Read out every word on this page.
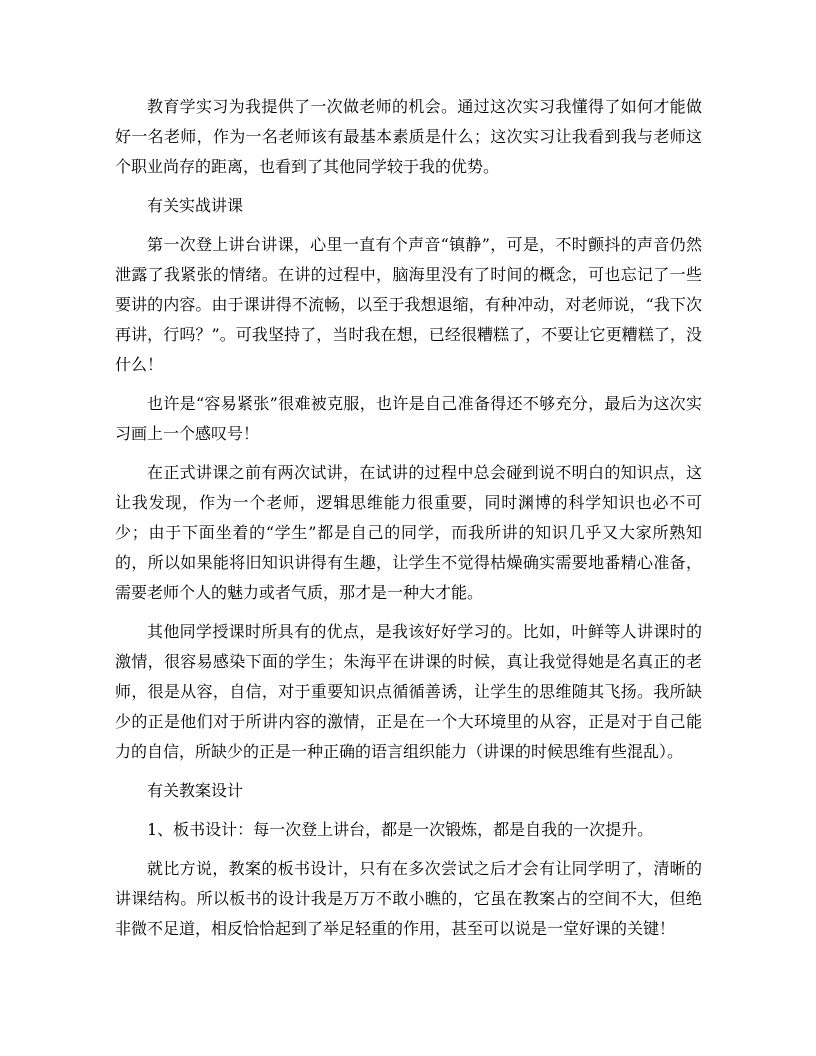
教育学实习为我提供了一次做老师的机会。通过这次实习我懂得了如何才能做好一名老师，作为一名老师该有最基本素质是什么；这次实习让我看到我与老师这个职业尚存的距离，也看到了其他同学较于我的优势。

有关实战讲课

第一次登上讲台讲课，心里一直有个声音“镇静”，可是，不时颤抖的声音仍然泄露了我紧张的情绪。在讲的过程中，脑海里没有了时间的概念，可也忘记了一些要讲的内容。由于课讲得不流畅，以至于我想退缩，有种冲动，对老师说，“我下次再讲，行吗？”。可我坚持了，当时我在想，已经很糟糕了，不要让它更糟糕了，没什么！

也许是“容易紧张”很难被克服，也许是自己准备得还不够充分，最后为这次实习画上一个感叹号！

在正式讲课之前有两次试讲，在试讲的过程中总会碰到说不明白的知识点，这让我发现，作为一个老师，逻辑思维能力很重要，同时渊博的科学知识也必不可少；由于下面坐着的“学生”都是自己的同学，而我所讲的知识几乎又大家所熟知的，所以如果能将旧知识讲得有生趣，让学生不觉得枯燥确实需要地番精心准备，需要老师个人的魅力或者气质，那才是一种大才能。

其他同学授课时所具有的优点，是我该好好学习的。比如，叶鲜等人讲课时的激情，很容易感染下面的学生；朱海平在讲课的时候，真让我觉得她是名真正的老师，很是从容，自信，对于重要知识点循循善诱，让学生的思维随其飞扬。我所缺少的正是他们对于所讲内容的激情，正是在一个大环境里的从容，正是对于自己能力的自信，所缺少的正是一种正确的语言组织能力（讲课的时候思维有些混乱）。

有关教案设计

1、板书设计：每一次登上讲台，都是一次锻炼，都是自我的一次提升。

就比方说，教案的板书设计，只有在多次尝试之后才会有让同学明了，清晰的讲课结构。所以板书的设计我是万万不敢小瞧的，它虽在教案占的空间不大，但绝非微不足道，相反恰恰起到了举足轻重的作用，甚至可以说是一堂好课的关键！
